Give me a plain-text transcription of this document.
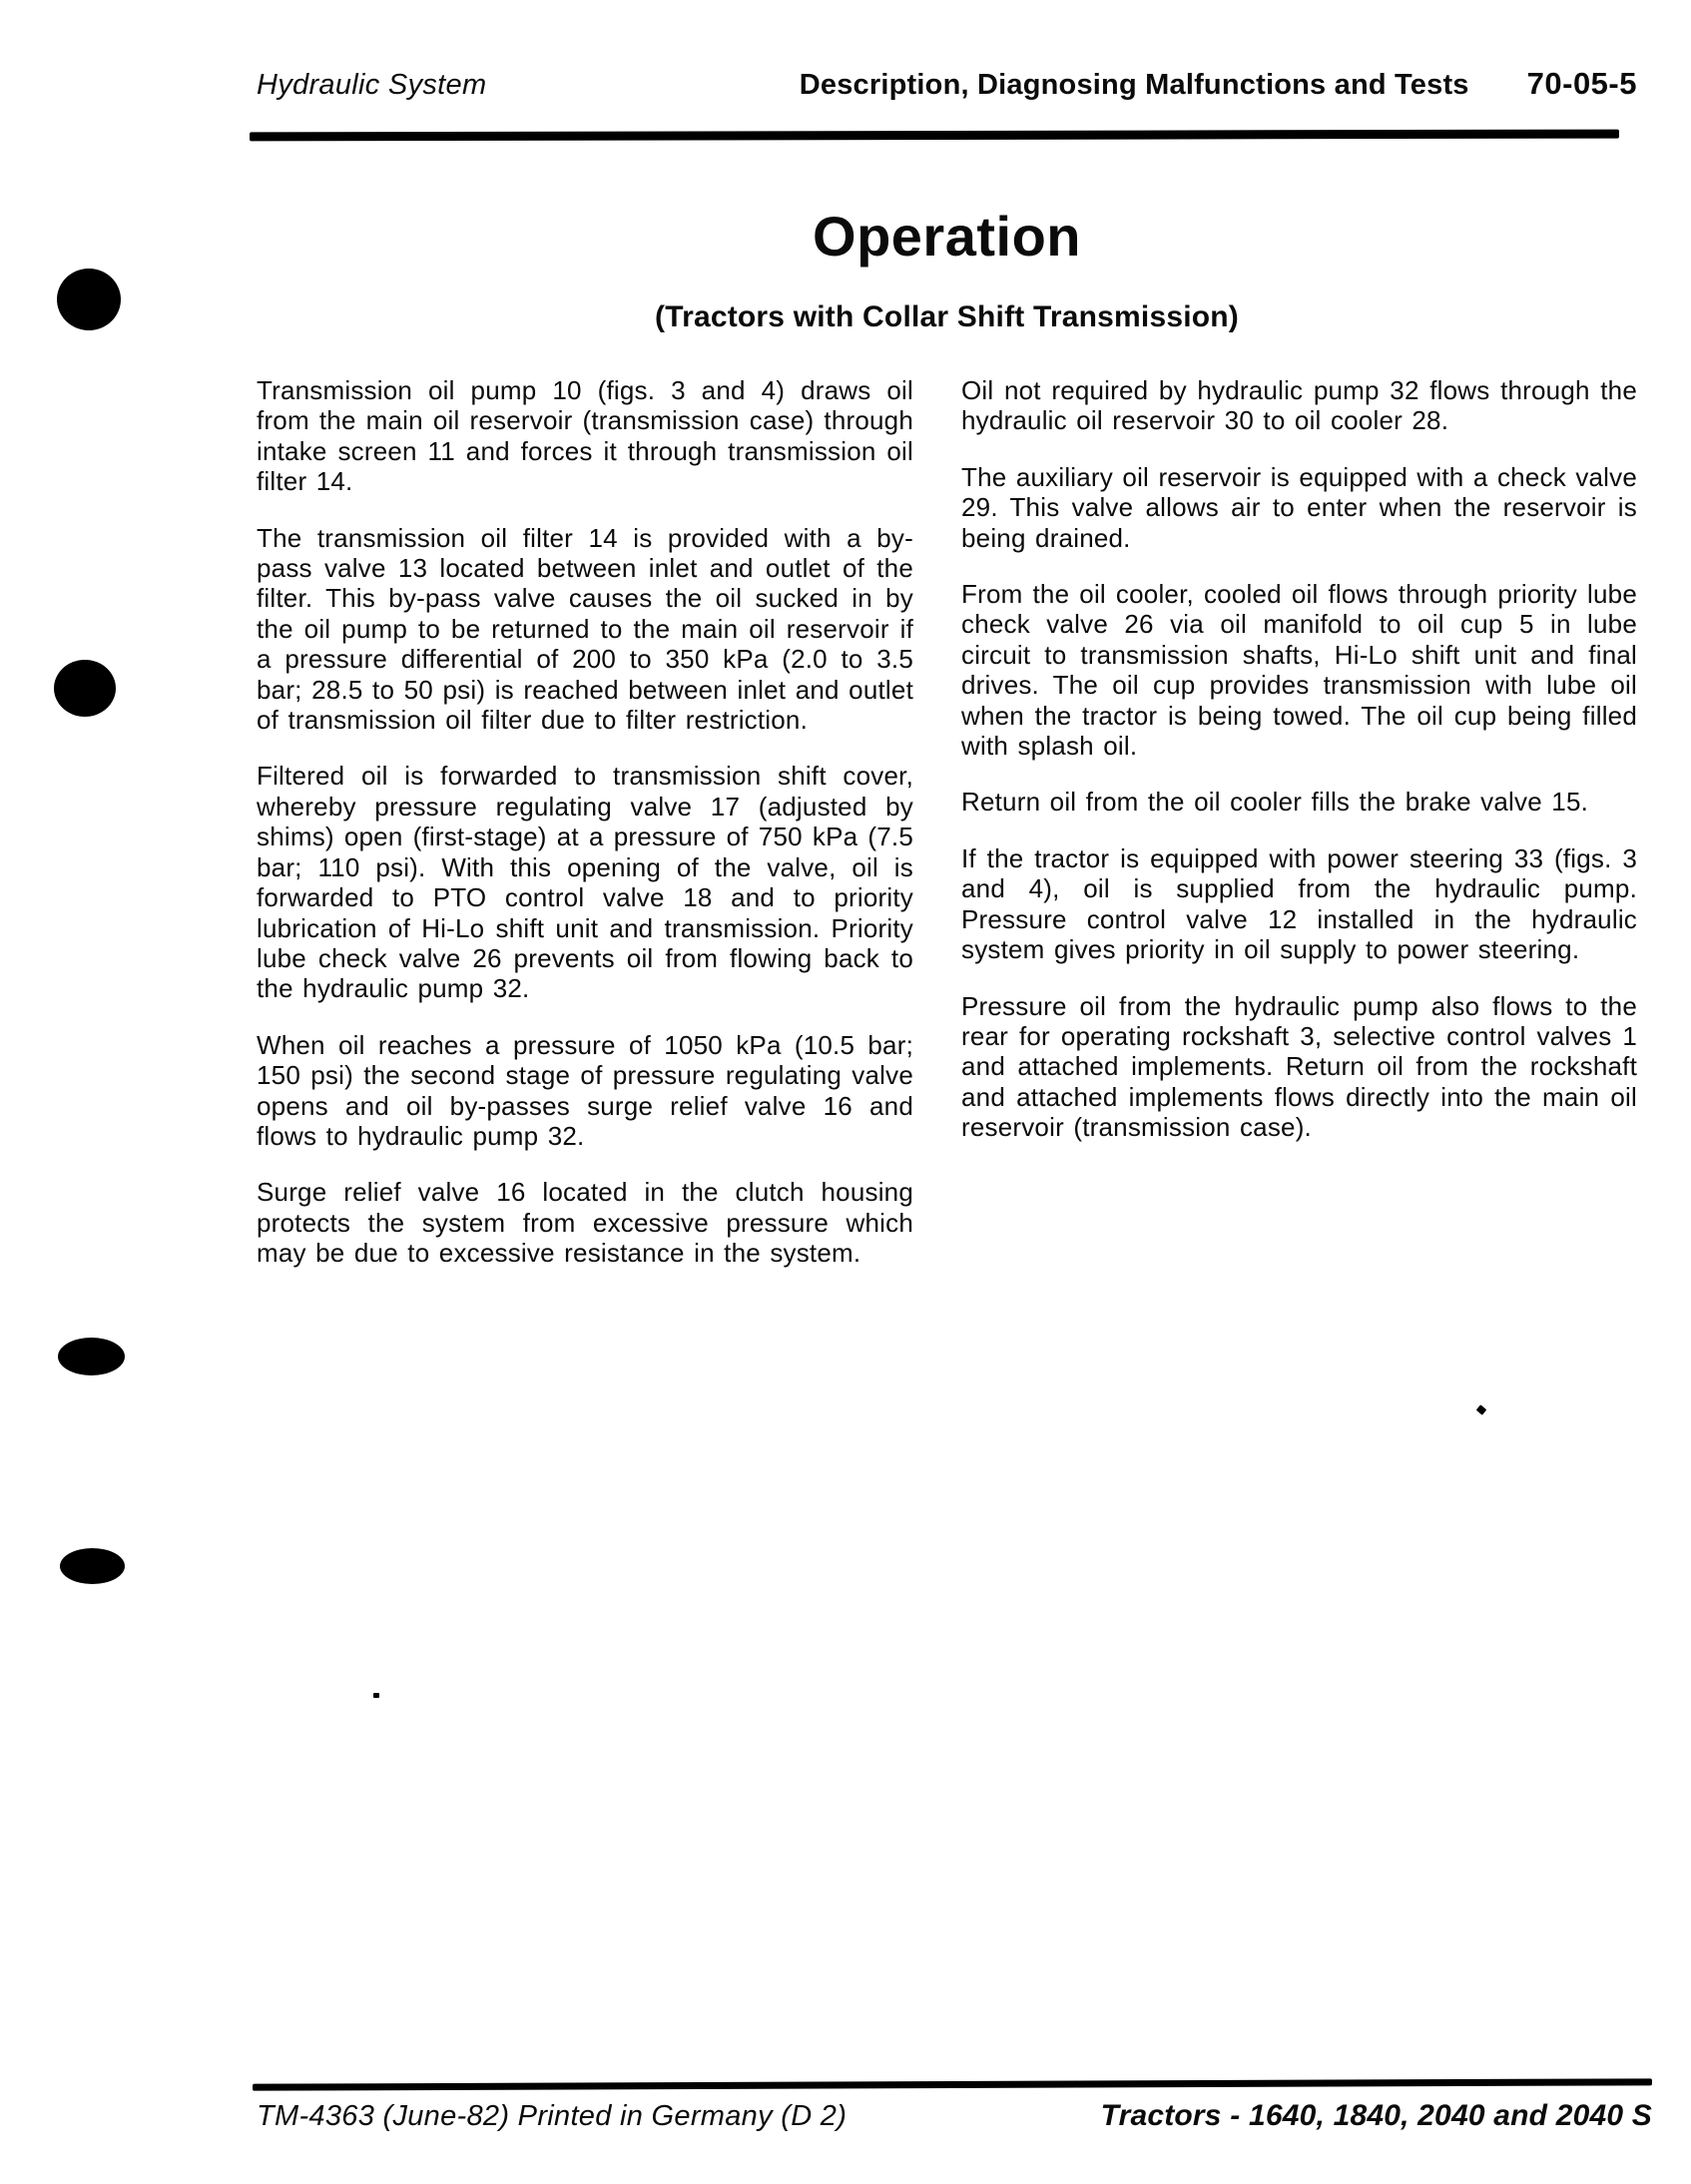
Hydraulic System	Description, Diagnosing Malfunctions and Tests 70-05-5
Operation
(Tractors with Collar Shift Transmission)

Transmission oil pump 10 (figs. 3 and 4) draws oil from the main oil reservoir (transmission case) through intake screen 11 and forces it through transmission oil filter 14.

The transmission oil filter 14 is provided with a by-pass valve 13 located between inlet and outlet of the filter. This by-pass valve causes the oil sucked in by the oil pump to be returned to the main oil reservoir if a pressure differential of 200 to 350 kPa (2.0 to 3.5 bar; 28.5 to 50 psi) is reached between inlet and outlet of transmission oil filter due to filter restriction.

Filtered oil is forwarded to transmission shift cover, whereby pressure regulating valve 17 (adjusted by shims) open (first-stage) at a pressure of 750 kPa (7.5 bar; 110 psi). With this opening of the valve, oil is forwarded to PTO control valve 18 and to priority lubrication of Hi-Lo shift unit and transmission. Priority lube check valve 26 prevents oil from flowing back to the hydraulic pump 32.

When oil reaches a pressure of 1050 kPa (10.5 bar; 150 psi) the second stage of pressure regulating valve opens and oil by-passes surge relief valve 16 and flows to hydraulic pump 32.

Surge relief valve 16 located in the clutch housing protects the system from excessive pressure which may be due to excessive resistance in the system.

Oil not required by hydraulic pump 32 flows through the hydraulic oil reservoir 30 to oil cooler 28.

The auxiliary oil reservoir is equipped with a check valve 29. This valve allows air to enter when the reservoir is being drained.

From the oil cooler, cooled oil flows through priority lube check valve 26 via oil manifold to oil cup 5 in lube circuit to transmission shafts, Hi-Lo shift unit and final drives. The oil cup provides transmission with lube oil when the tractor is being towed. The oil cup being filled with splash oil.

Return oil from the oil cooler fills the brake valve 15.

If the tractor is equipped with power steering 33 (figs. 3 and 4), oil is supplied from the hydraulic pump. Pressure control valve 12 installed in the hydraulic system gives priority in oil supply to power steering.

Pressure oil from the hydraulic pump also flows to the rear for operating rockshaft 3, selective control valves 1 and attached implements. Return oil from the rockshaft and attached implements flows directly into the main oil reservoir (transmission case).

TM-4363 (June-82) Printed in Germany (D 2)	Tractors - 1640, 1840, 2040 and 2040 S
